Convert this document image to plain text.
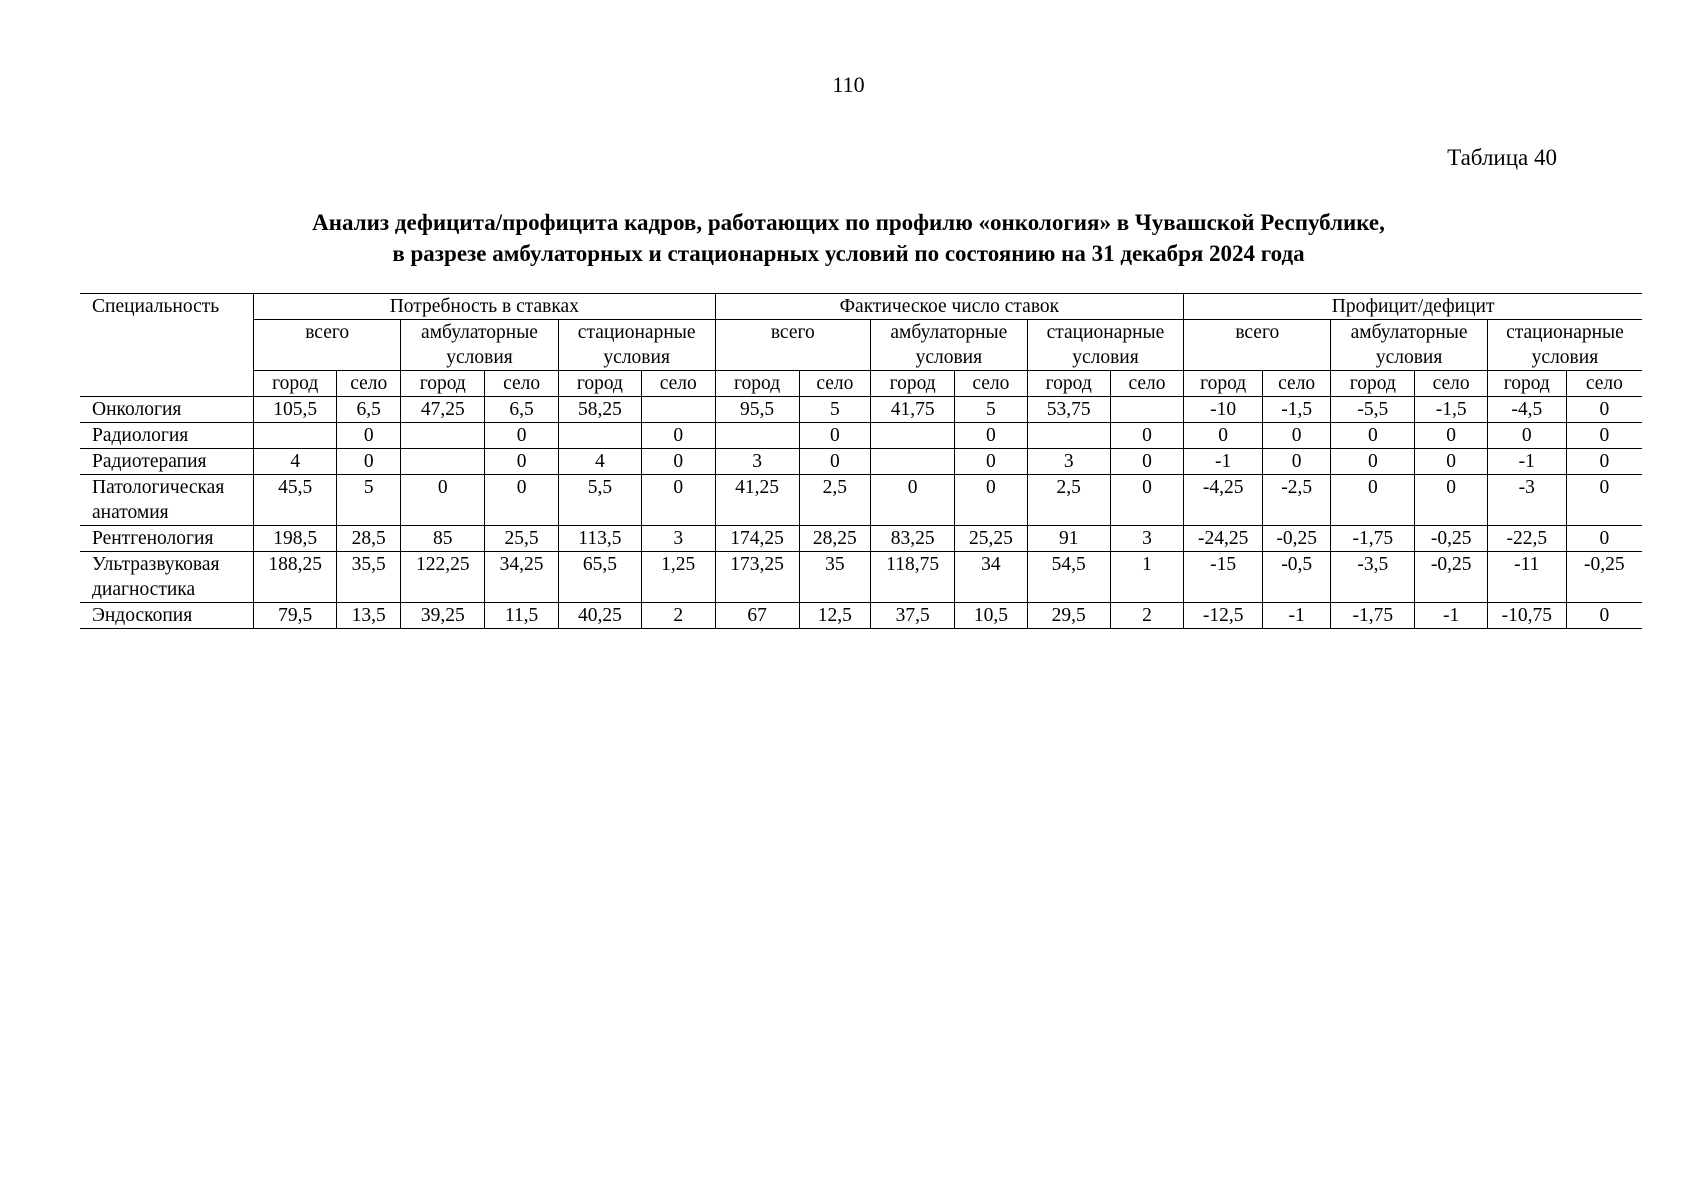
110
Таблица 40
Анализ дефицита/профицита кадров, работающих по профилю «онкология» в Чувашской Республике,
в разрезе амбулаторных и стационарных условий по состоянию на 31 декабря 2024 года
Специальность	Потребность в ставках						Фактическое число ставок						Профицит/дефицит					
	всего		амбулаторные условия		стационарные условия		всего		амбулаторные условия		стационарные условия		всего		амбулаторные условия		стационарные условия	
	город	село	город	село	город	село	город	село	город	село	город	село	город	село	город	село	город	село
Онкология	105,5	6,5	47,25	6,5	58,25		95,5	5	41,75	5	53,75		-10	-1,5	-5,5	-1,5	-4,5	0
Радиология		0		0		0		0		0		0	0	0	0	0	0	0
Радиотерапия	4	0		0	4	0	3	0		0	3	0	-1	0	0	0	-1	0
Патологическая анатомия	45,5	5	0	0	5,5	0	41,25	2,5	0	0	2,5	0	-4,25	-2,5	0	0	-3	0
Рентгенология	198,5	28,5	85	25,5	113,5	3	174,25	28,25	83,25	25,25	91	3	-24,25	-0,25	-1,75	-0,25	-22,5	0
Ультразвуковая диагностика	188,25	35,5	122,25	34,25	65,5	1,25	173,25	35	118,75	34	54,5	1	-15	-0,5	-3,5	-0,25	-11	-0,25
Эндоскопия	79,5	13,5	39,25	11,5	40,25	2	67	12,5	37,5	10,5	29,5	2	-12,5	-1	-1,75	-1	-10,75	0
